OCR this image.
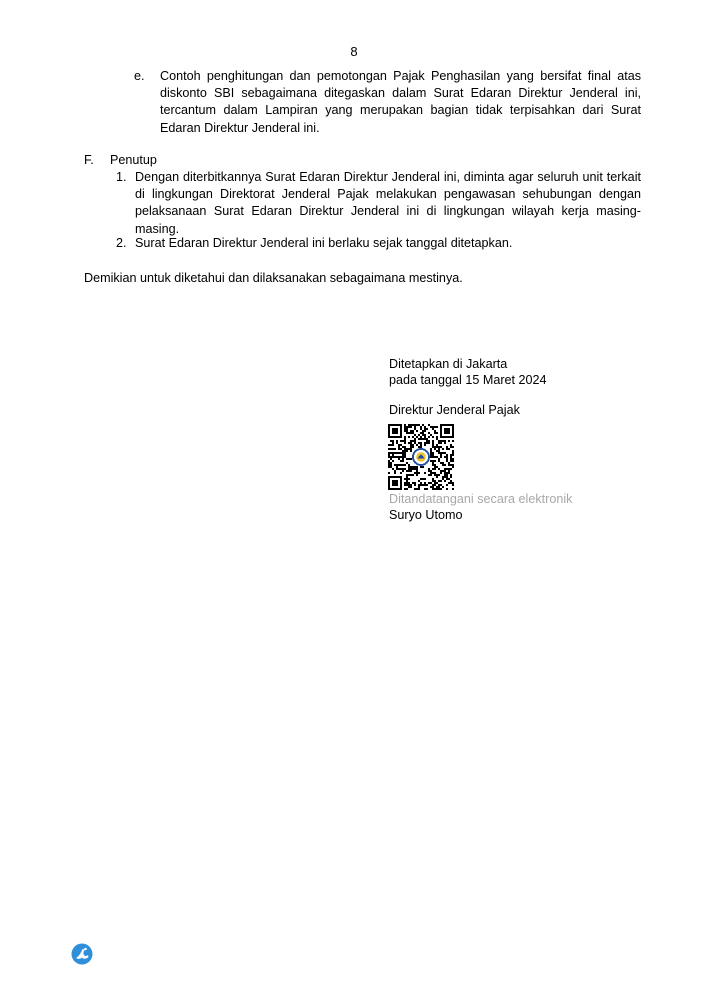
8
e. Contoh penghitungan dan pemotongan Pajak Penghasilan yang bersifat final atas diskonto SBI sebagaimana ditegaskan dalam Surat Edaran Direktur Jenderal ini, tercantum dalam Lampiran yang merupakan bagian tidak terpisahkan dari Surat Edaran Direktur Jenderal ini.
F. Penutup
1. Dengan diterbitkannya Surat Edaran Direktur Jenderal ini, diminta agar seluruh unit terkait di lingkungan Direktorat Jenderal Pajak melakukan pengawasan sehubungan dengan pelaksanaan Surat Edaran Direktur Jenderal ini di lingkungan wilayah kerja masing-masing.
2. Surat Edaran Direktur Jenderal ini berlaku sejak tanggal ditetapkan.
Demikian untuk diketahui dan dilaksanakan sebagaimana mestinya.
Ditetapkan di Jakarta
pada tanggal 15 Maret 2024
Direktur Jenderal Pajak
Ditandatangani secara elektronik
Suryo Utomo
